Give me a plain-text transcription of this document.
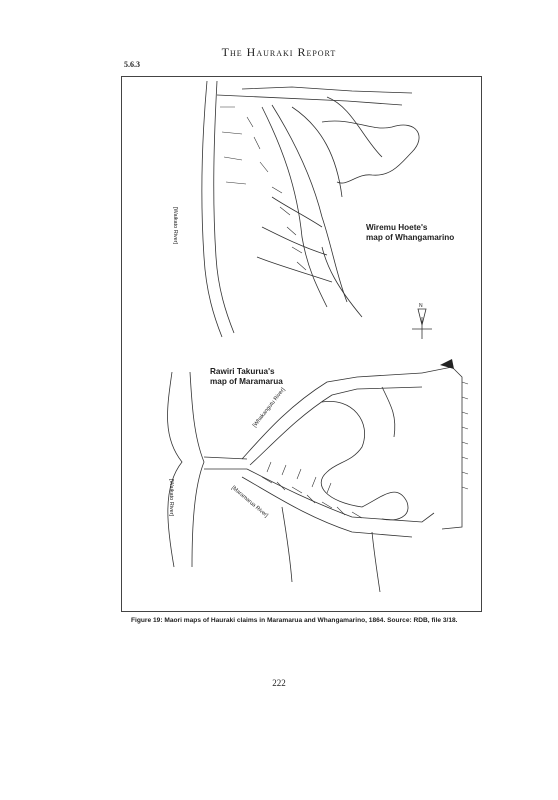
5.6.3
The Hauraki Report
Wiremu Hoete's
map of Whangamarino
Rawiri Takurua's
map of Maramarua
[Waikato River]
[Waikato River]
[Whakangutu River]
[Maramarua River]
N
Figure 19: Maori maps of Hauraki claims in Maramarua and Whangamarino, 1864. Source: RDB, file 3/18.
222
